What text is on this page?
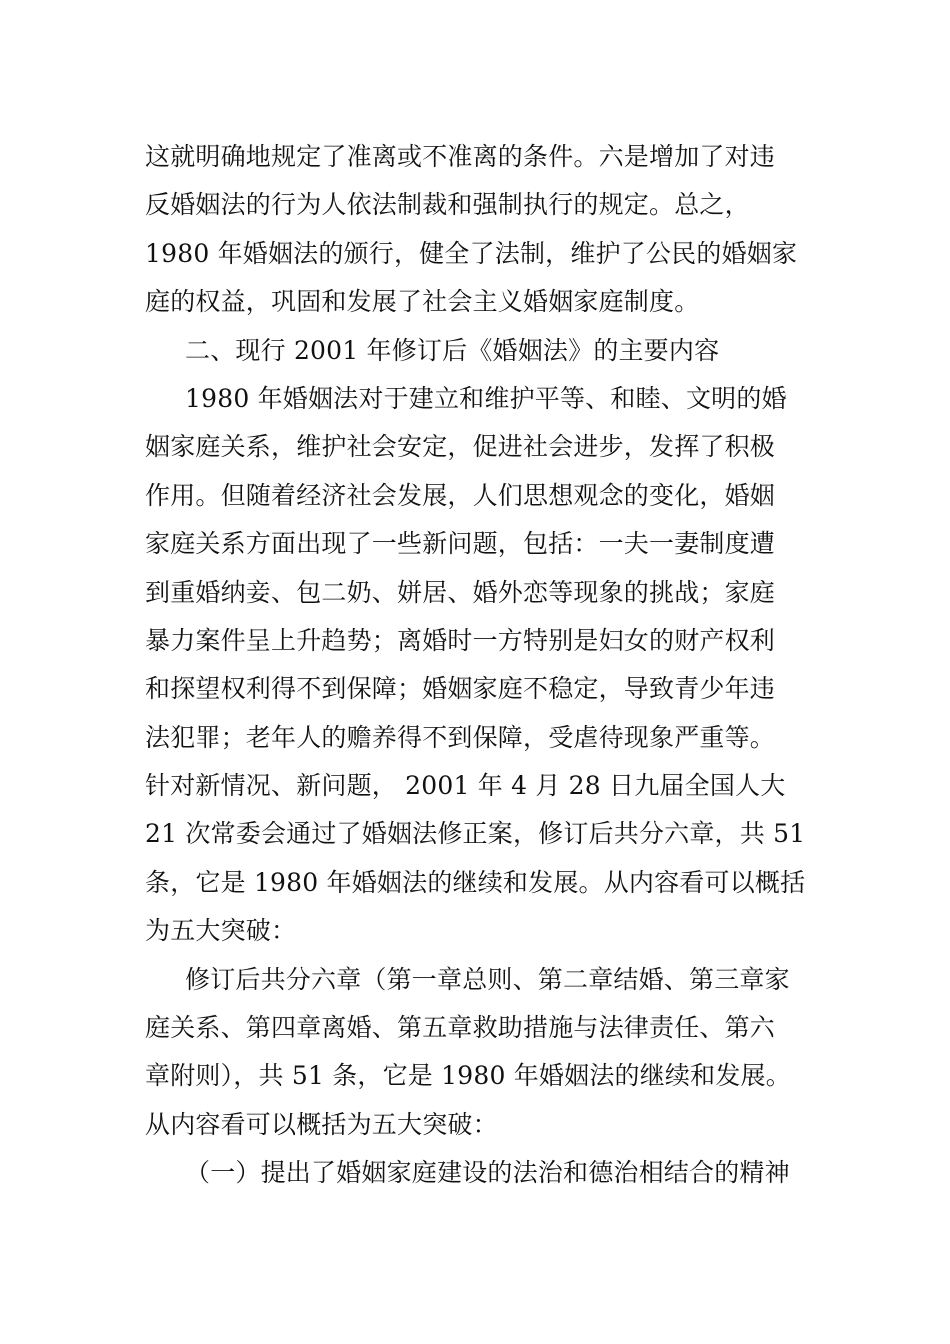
这就明确地规定了准离或不准离的条件。六是增加了对违
反婚姻法的行为人依法制裁和强制执行的规定。总之，
1980 年婚姻法的颁行，健全了法制，维护了公民的婚姻家
庭的权益，巩固和发展了社会主义婚姻家庭制度。
二、现行 2001 年修订后《婚姻法》的主要内容
1980 年婚姻法对于建立和维护平等、和睦、文明的婚
姻家庭关系，维护社会安定，促进社会进步，发挥了积极
作用。但随着经济社会发展，人们思想观念的变化，婚姻
家庭关系方面出现了一些新问题，包括：一夫一妻制度遭
到重婚纳妾、包二奶、姘居、婚外恋等现象的挑战；家庭
暴力案件呈上升趋势；离婚时一方特别是妇女的财产权利
和探望权利得不到保障；婚姻家庭不稳定，导致青少年违
法犯罪；老年人的赡养得不到保障，受虐待现象严重等。
针对新情况、新问题， 2001 年 4 月 28 日九届全国人大
21 次常委会通过了婚姻法修正案，修订后共分六章，共 51
条，它是 1980 年婚姻法的继续和发展。从内容看可以概括
为五大突破：
修订后共分六章（第一章总则、第二章结婚、第三章家
庭关系、第四章离婚、第五章救助措施与法律责任、第六
章附则），共 51 条，它是 1980 年婚姻法的继续和发展。
从内容看可以概括为五大突破：
（一）提出了婚姻家庭建设的法治和德治相结合的精神
